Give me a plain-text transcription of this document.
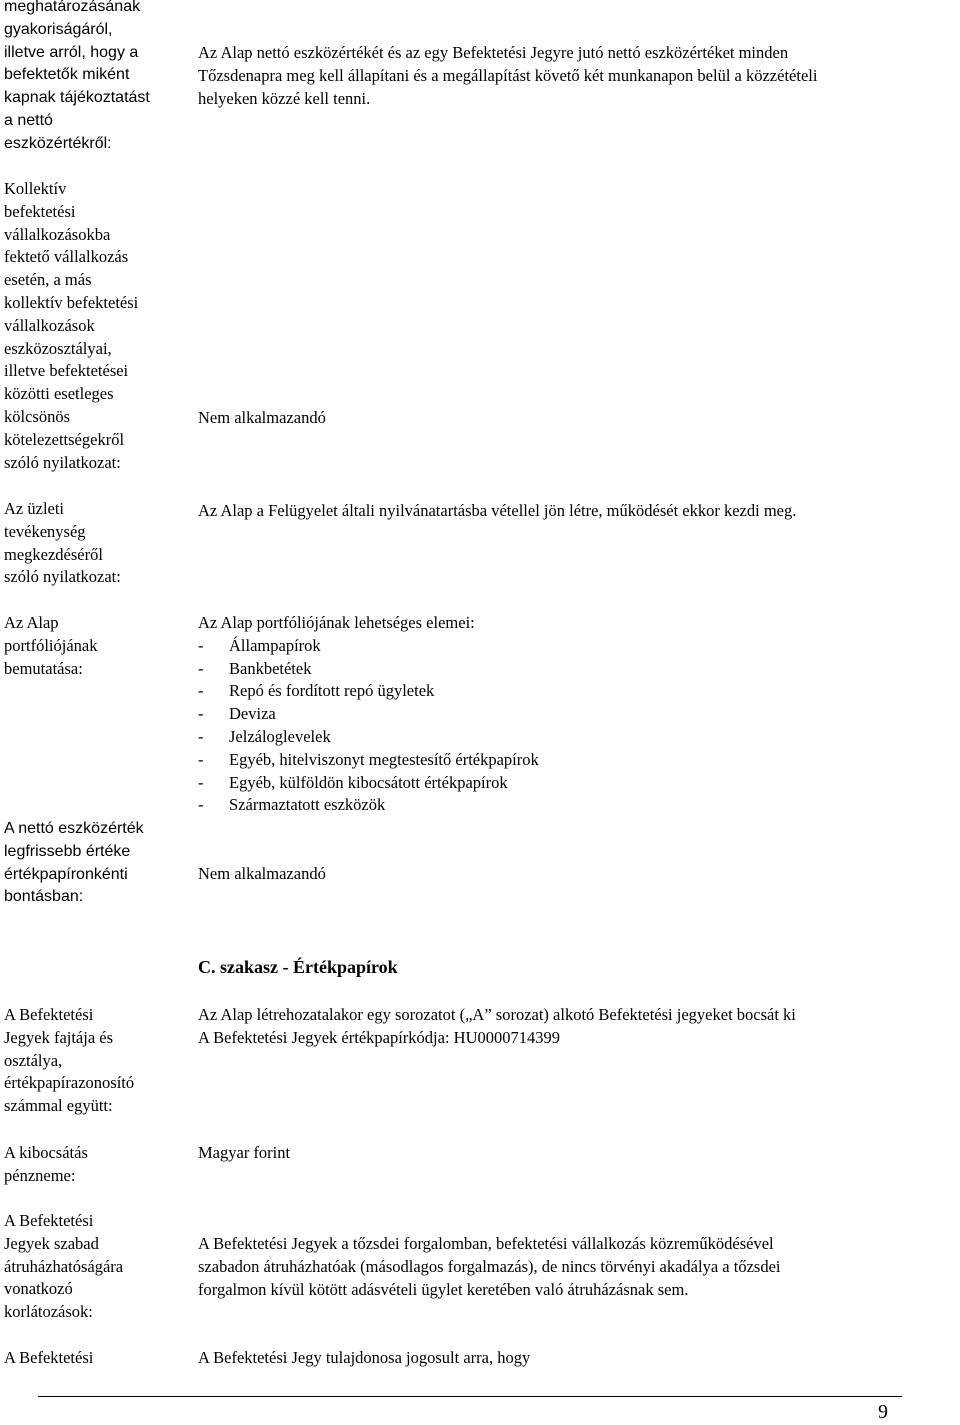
meghatározásának
gyakoriságáról,
illetve arról, hogy a
befektetők miként
kapnak tájékoztatást
a nettó
eszközértékről:
Az Alap nettó eszközértékét és az egy Befektetési Jegyre jutó nettó eszközértéket minden
Tőzsdenapra meg kell állapítani és a megállapítást követő két munkanapon belül a közzétételi
helyeken közzé kell tenni.
Kollektív
befektetési
vállalkozásokba
fektető vállalkozás
esetén, a más
kollektív befektetési
vállalkozások
eszközosztályai,
illetve befektetései
közötti esetleges
kölcsönös
kötelezettségekről
szóló nyilatkozat:
Nem alkalmazandó
Az üzleti
tevékenység
megkezdéséről
szóló nyilatkozat:
Az Alap a Felügyelet általi nyilvánatartásba vétellel jön létre, működését ekkor kezdi meg.
Az Alap
portfóliójának
bemutatása:
Az Alap portfóliójának lehetséges elemei:
- Állampapírok
- Bankbetétek
- Repó és fordított repó ügyletek
- Deviza
- Jelzáloglevelek
- Egyéb, hitelviszonyt megtestesítő értékpapírok
- Egyéb, külföldön kibocsátott értékpapírok
- Származtatott eszközök
A nettó eszközérték
legfrissebb értéke
értékpapíronkénti
bontásban:
Nem alkalmazandó
C. szakasz - Értékpapírok
A Befektetési
Jegyek fajtája és
osztálya,
értékpapírazonosító
számmal együtt:
Az Alap létrehozatalakor egy sorozatot („A” sorozat) alkotó Befektetési jegyeket bocsát ki
A Befektetési Jegyek értékpapírkódja: HU0000714399
A kibocsátás
pénzneme:
Magyar forint
A Befektetési
Jegyek szabad
átruházhatóságára
vonatkozó
korlátozások:
A Befektetési Jegyek a tőzsdei forgalomban, befektetési vállalkozás közreműködésével
szabadon átruházhatóak (másodlagos forgalmazás), de nincs törvényi akadálya a tőzsdei
forgalmon kívül kötött adásvételi ügylet keretében való átruházásnak sem.
A Befektetési	A Befektetési Jegy tulajdonosa jogosult arra, hogy
9
